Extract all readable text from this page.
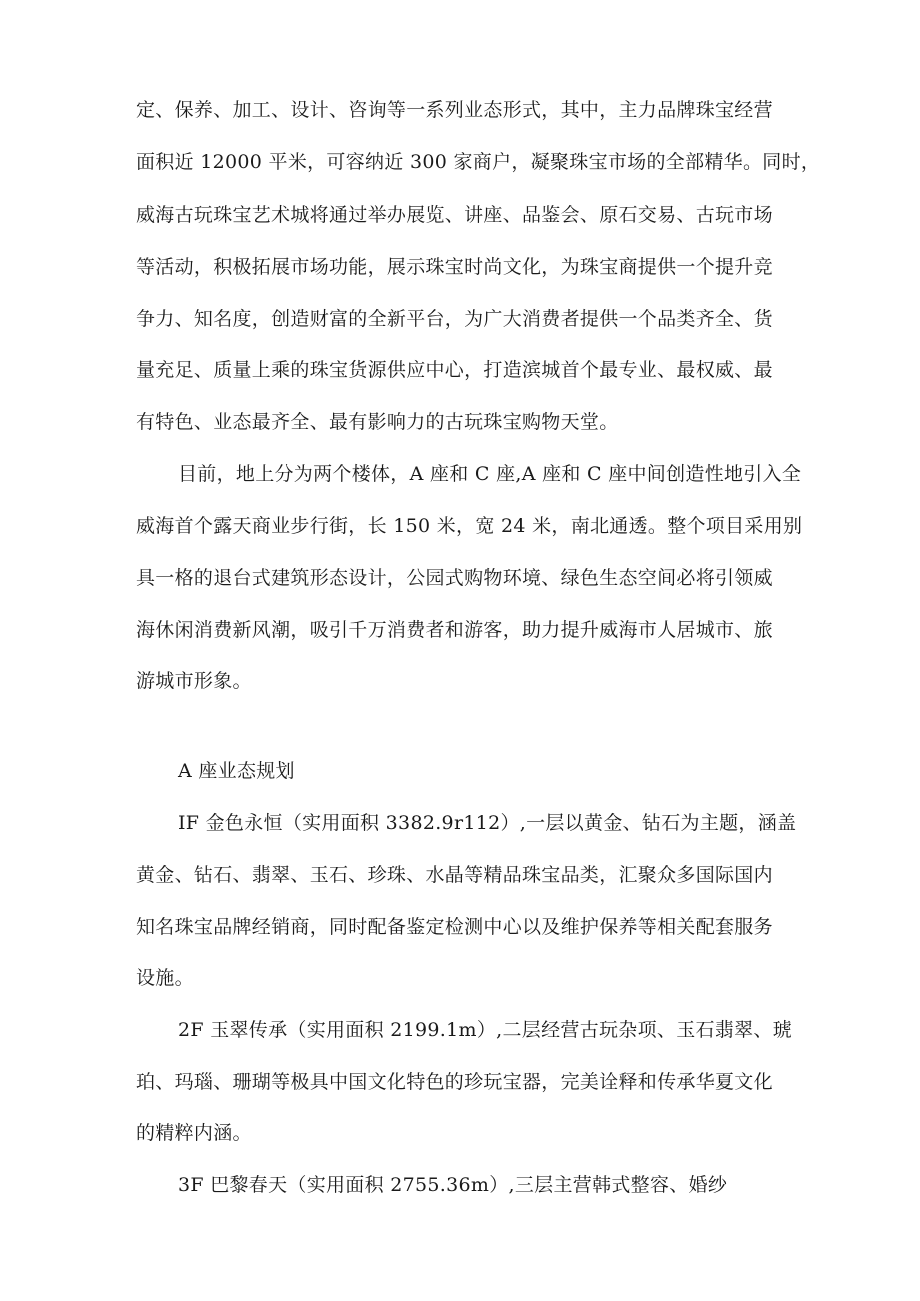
定、保养、加工、设计、咨询等一系列业态形式，其中，主力品牌珠宝经营

面积近 12000 平米，可容纳近 300 家商户，凝聚珠宝市场的全部精华。同时，

威海古玩珠宝艺术城将通过举办展览、讲座、品鉴会、原石交易、古玩市场

等活动，积极拓展市场功能，展示珠宝时尚文化，为珠宝商提供一个提升竞

争力、知名度，创造财富的全新平台，为广大消费者提供一个品类齐全、货

量充足、质量上乘的珠宝货源供应中心，打造滨城首个最专业、最权威、最

有特色、业态最齐全、最有影响力的古玩珠宝购物天堂。

目前，地上分为两个楼体，A 座和 C 座,A 座和 C 座中间创造性地引入全

威海首个露天商业步行街，长 150 米，宽 24 米，南北通透。整个项目采用别

具一格的退台式建筑形态设计，公园式购物环境、绿色生态空间必将引领威

海休闲消费新风潮，吸引千万消费者和游客，助力提升威海市人居城市、旅

游城市形象。

A 座业态规划

IF 金色永恒（实用面积 3382.9r112）,一层以黄金、钻石为主题，涵盖

黄金、钻石、翡翠、玉石、珍珠、水晶等精品珠宝品类，汇聚众多国际国内

知名珠宝品牌经销商，同时配备鉴定检测中心以及维护保养等相关配套服务

设施。

2F 玉翠传承（实用面积 2199.1m）,二层经营古玩杂项、玉石翡翠、琥

珀、玛瑙、珊瑚等极具中国文化特色的珍玩宝器，完美诠释和传承华夏文化

的精粹内涵。

3F 巴黎春天（实用面积 2755.36m）,三层主营韩式整容、婚纱
